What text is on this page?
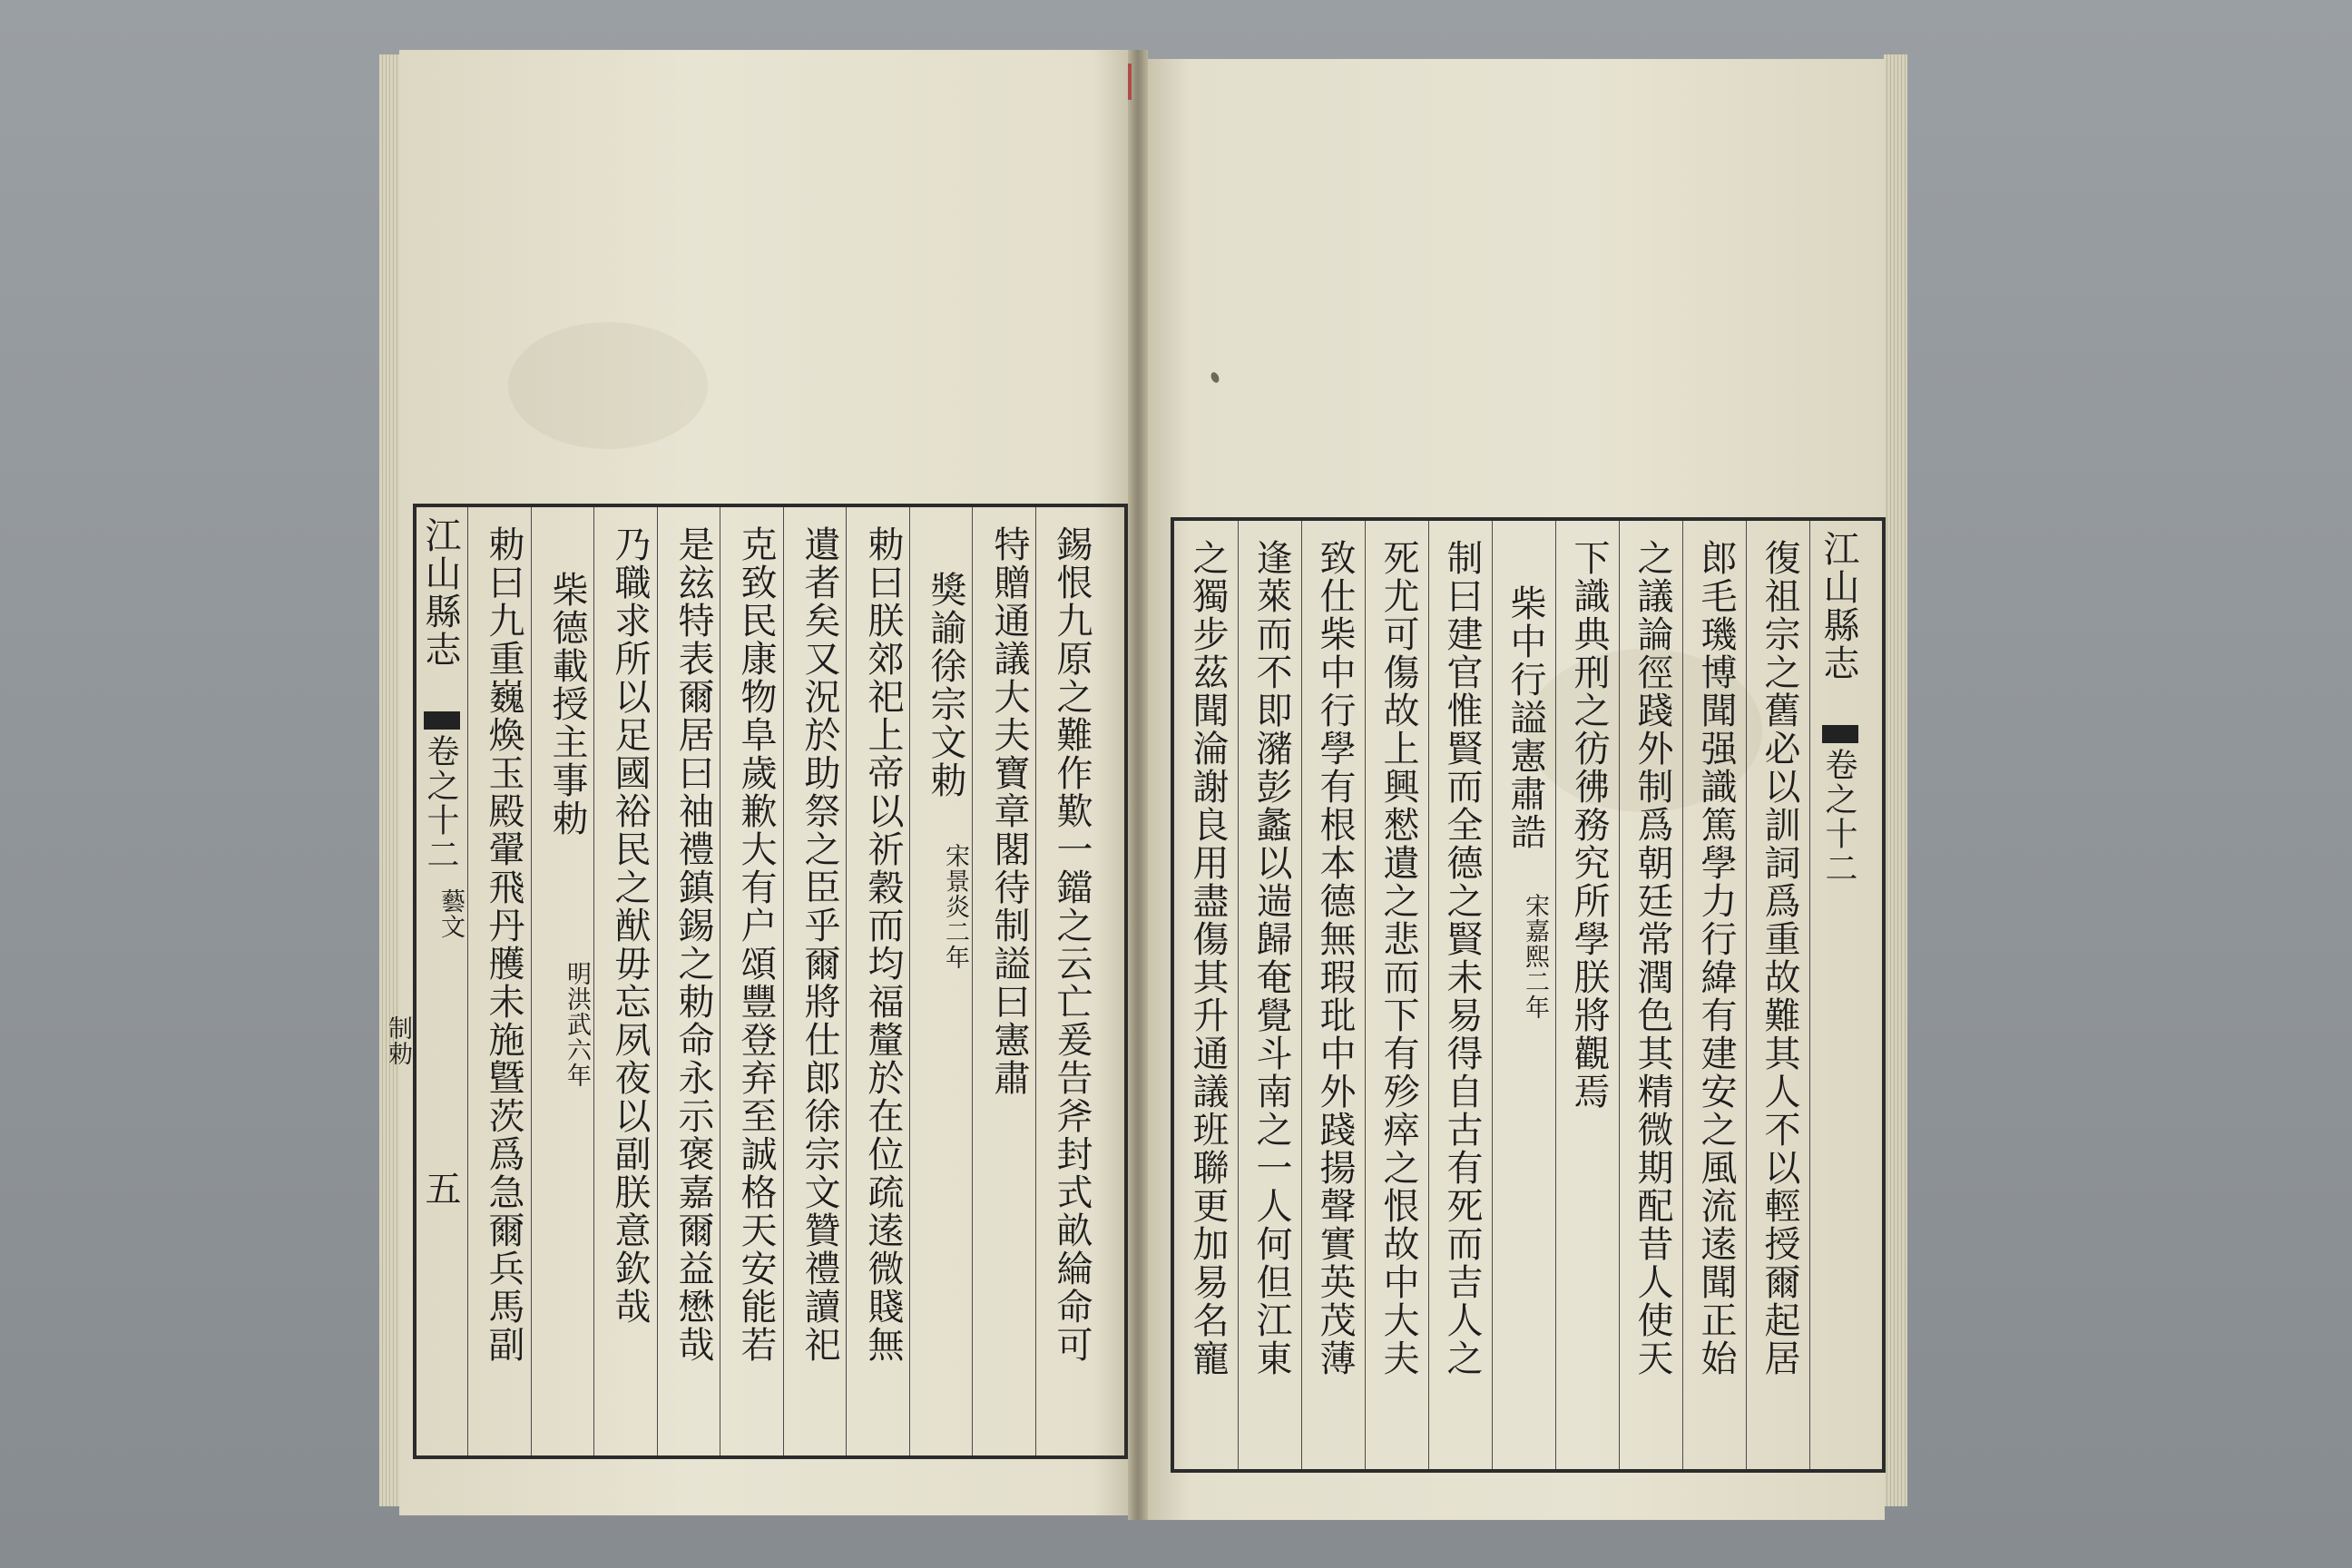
錫恨九原之難作歎一鐺之云亡爰告斧封式畝綸命可
特贈通議大夫寶章閣待制謚曰憲肅
獎諭徐宗文勅
宋景炎二年
勅曰朕郊祀上帝以祈穀而均福釐於在位疏逺微賤無
遺者矣又況於助祭之臣乎爾將仕郎徐宗文贊禮讀祀
克致民康物阜歲歉大有户頌豐登弃至誠格天安能若
是玆特表爾居曰䄂禮鎮錫之勅命永示褒嘉爾益懋哉
乃職求所以足國裕民之猷毋忘夙夜以副朕意欽哉
柴德載授主事勅
明洪武六年
勅曰九重巍煥玉殿翬飛丹雘未施曁茨爲急爾兵馬副
江山縣志
卷之十二
藝文
制勅
五
江山縣志
卷之十二
復祖宗之舊必以訓詞爲重故難其人不以輕授爾起居
郎毛璣博聞强識篤學力行緯有建安之風流逺聞正始
之議論徑踐外制爲朝廷常潤色其精微期配昔人使天
下識典刑之彷彿務究所學朕將觀焉
柴中行謚憲肅誥
宋嘉熙二年
制曰建官惟賢而全德之賢未易得自古有死而吉人之
死尤可傷故上興憖遺之悲而下有殄瘁之恨故中大夫
致仕柴中行學有根本德無瑕玭中外踐揚聲實英茂薄
逢萊而不即瀦彭蠡以遄歸奄覺斗南之一人何但江東
之獨步茲聞淪謝良用盡傷其升通議班聯更加易名寵
